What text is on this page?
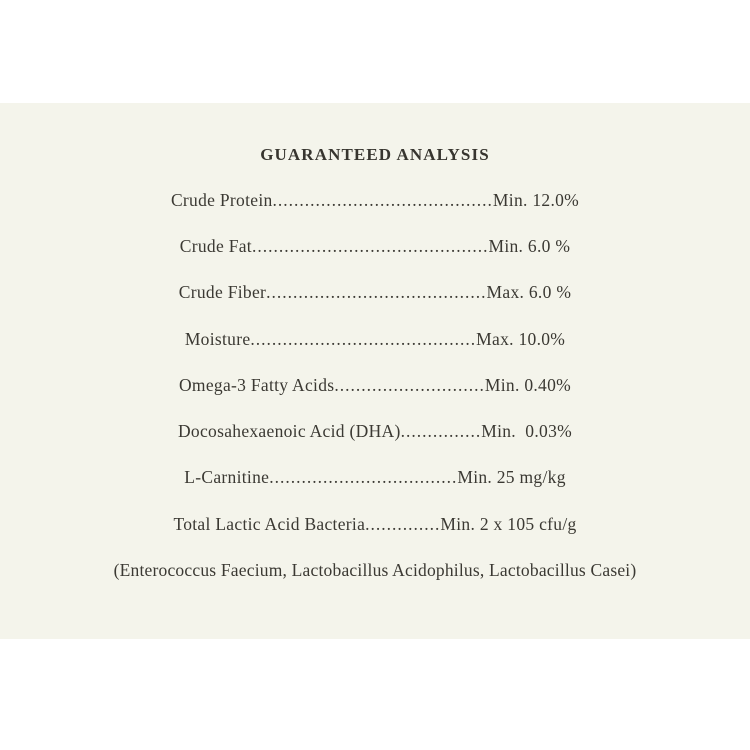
GUARANTEED ANALYSIS
Crude Protein ......................................... Min. 12.0%
Crude Fat ............................................ Min. 6.0 %
Crude Fiber ......................................... Max. 6.0 %
Moisture .......................................... Max. 10.0%
Omega-3 Fatty Acids ............................ Min. 0.40%
Docosahexaenoic Acid (DHA) ............... Min.  0.03%
L-Carnitine ................................... Min. 25 mg/kg
Total Lactic Acid Bacteria .............. Min. 2 x 105 cfu/g
(Enterococcus Faecium, Lactobacillus Acidophilus, Lactobacillus Casei)
